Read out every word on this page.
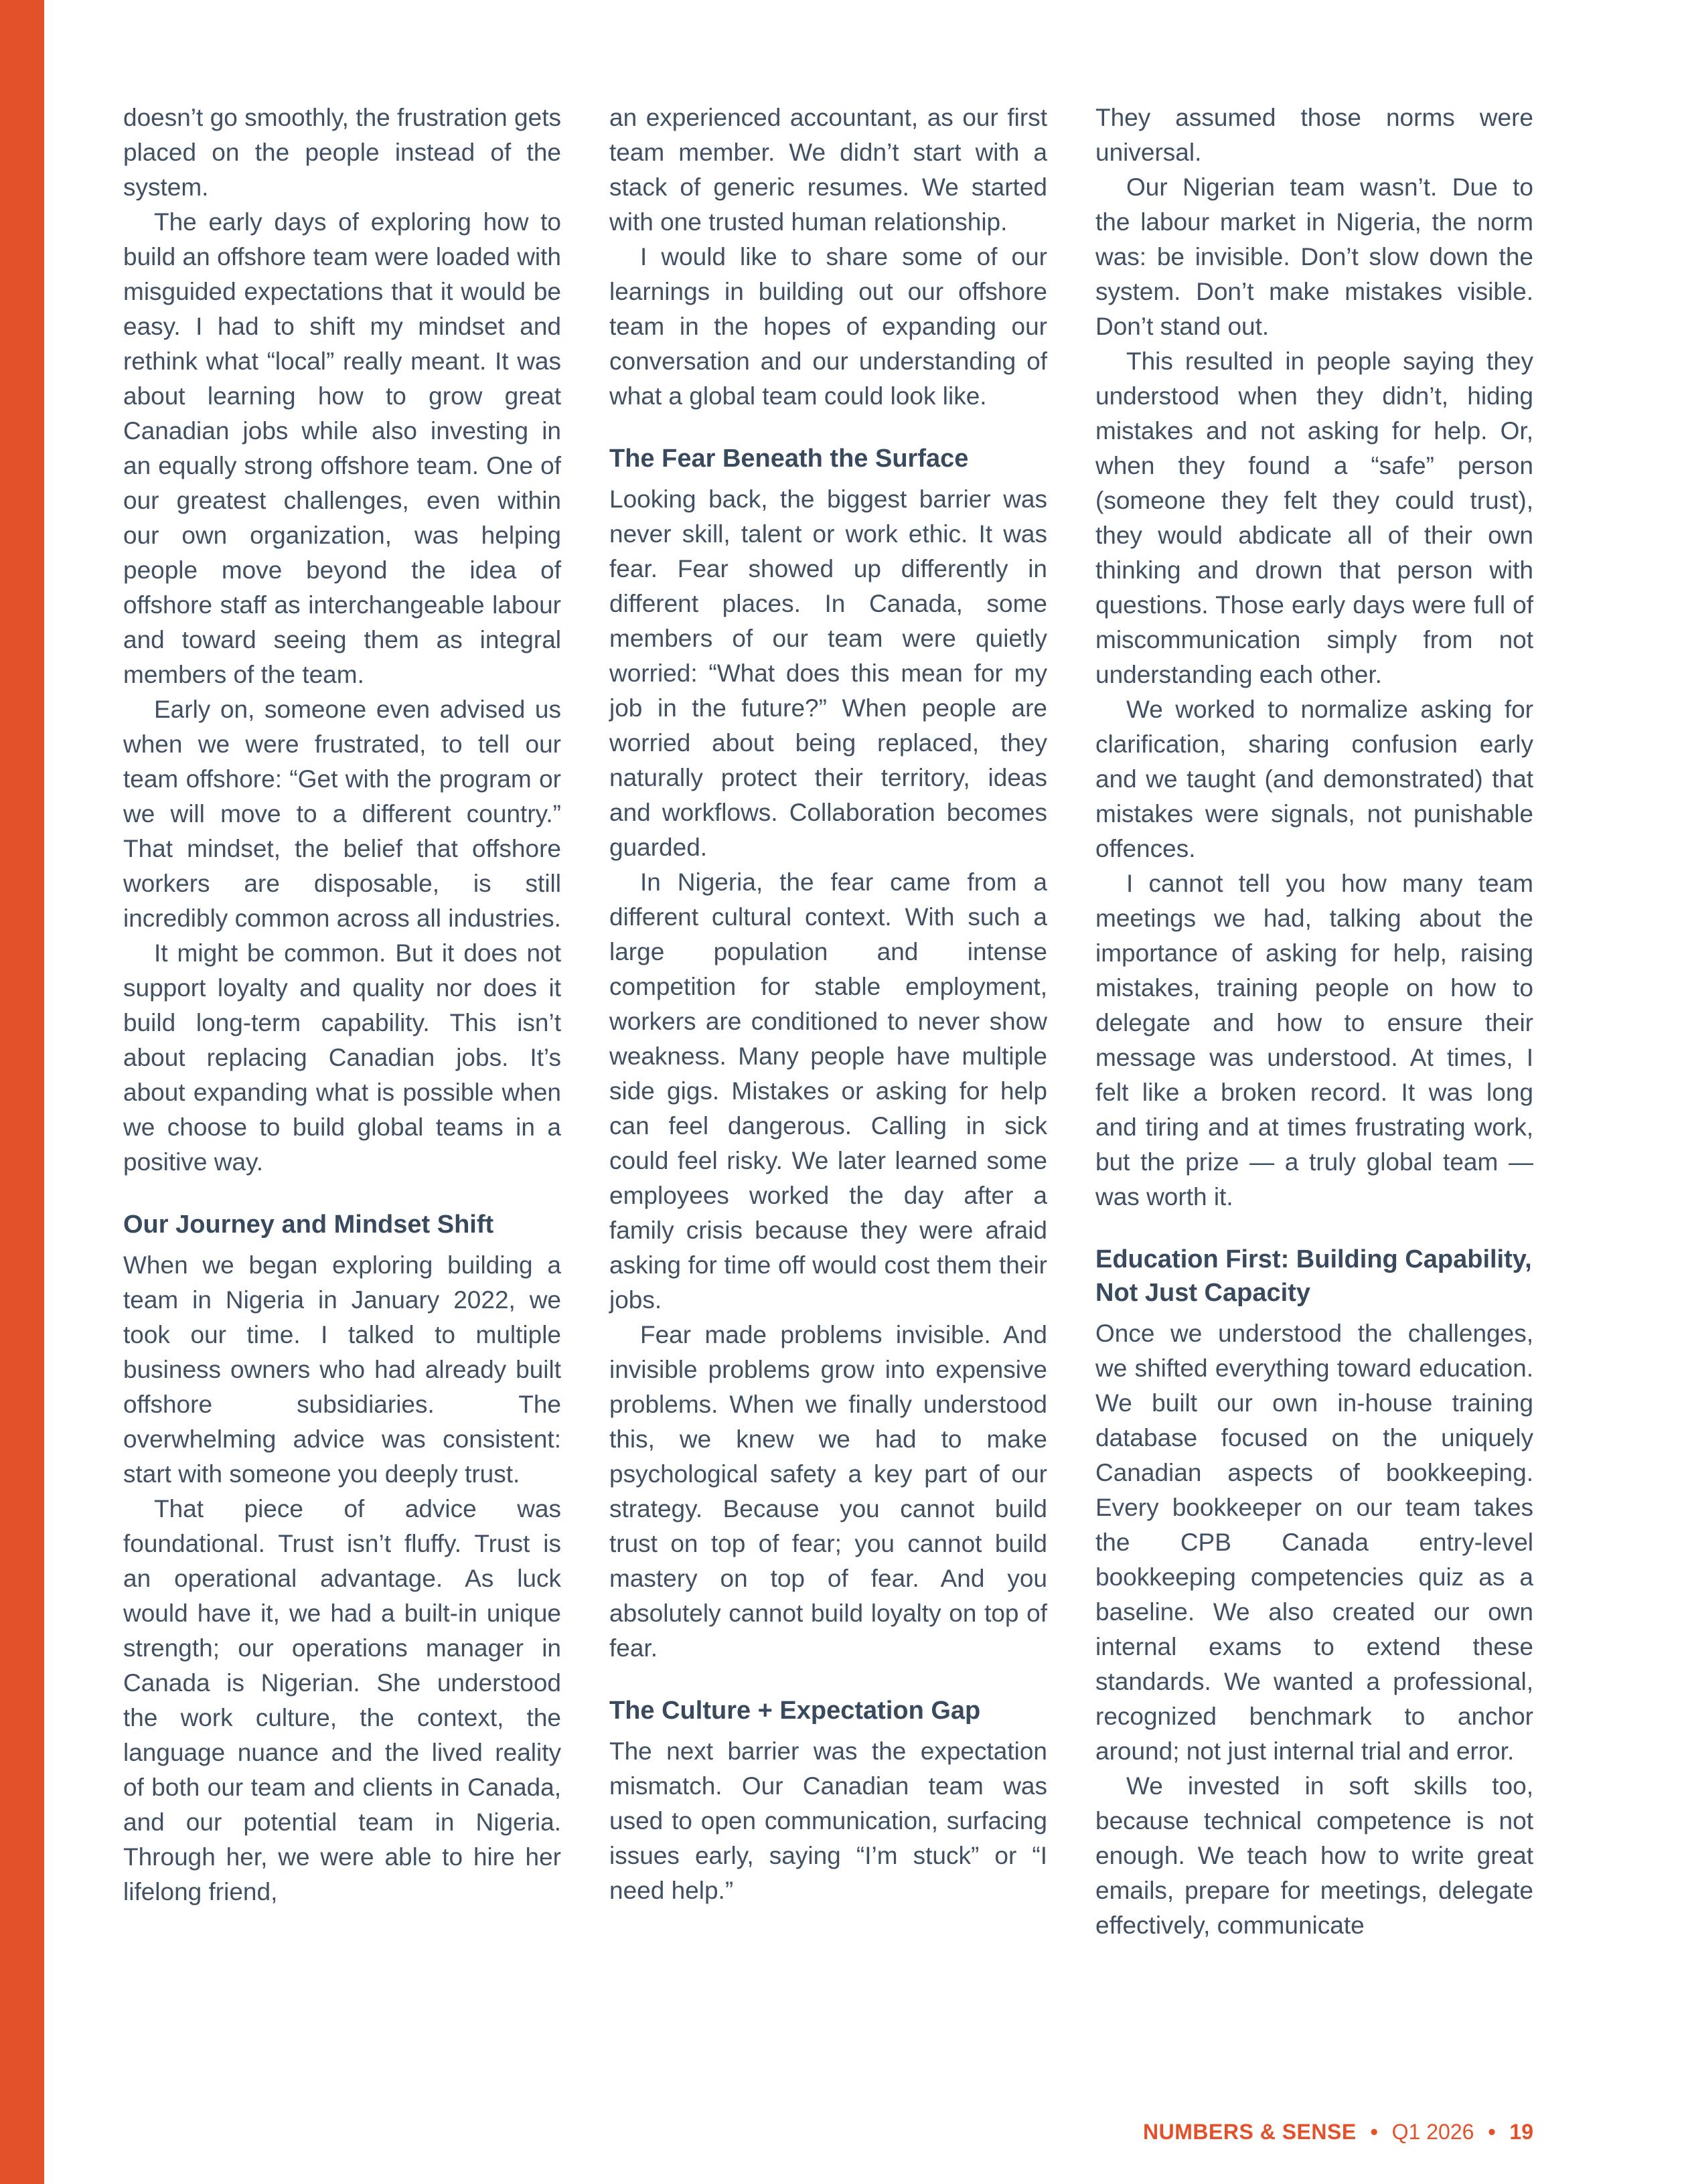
doesn’t go smoothly, the frustration gets placed on the people instead of the system.

The early days of exploring how to build an offshore team were loaded with misguided expectations that it would be easy. I had to shift my mindset and rethink what “local” really meant. It was about learning how to grow great Canadian jobs while also investing in an equally strong offshore team. One of our greatest challenges, even within our own organization, was helping people move beyond the idea of offshore staff as interchangeable labour and toward seeing them as integral members of the team.

Early on, someone even advised us when we were frustrated, to tell our team offshore: “Get with the program or we will move to a different country.” That mindset, the belief that offshore workers are disposable, is still incredibly common across all industries.

It might be common. But it does not support loyalty and quality nor does it build long-term capability. This isn’t about replacing Canadian jobs. It’s about expanding what is possible when we choose to build global teams in a positive way.

Our Journey and Mindset Shift

When we began exploring building a team in Nigeria in January 2022, we took our time. I talked to multiple business owners who had already built offshore subsidiaries. The overwhelming advice was consistent: start with someone you deeply trust.

That piece of advice was foundational. Trust isn’t fluffy. Trust is an operational advantage. As luck would have it, we had a built-in unique strength; our operations manager in Canada is Nigerian. She understood the work culture, the context, the language nuance and the lived reality of both our team and clients in Canada, and our potential team in Nigeria. Through her, we were able to hire her lifelong friend,

an experienced accountant, as our first team member. We didn’t start with a stack of generic resumes. We started with one trusted human relationship.

I would like to share some of our learnings in building out our offshore team in the hopes of expanding our conversation and our understanding of what a global team could look like.

The Fear Beneath the Surface

Looking back, the biggest barrier was never skill, talent or work ethic. It was fear. Fear showed up differently in different places. In Canada, some members of our team were quietly worried: “What does this mean for my job in the future?” When people are worried about being replaced, they naturally protect their territory, ideas and workflows. Collaboration becomes guarded.

In Nigeria, the fear came from a different cultural context. With such a large population and intense competition for stable employment, workers are conditioned to never show weakness. Many people have multiple side gigs. Mistakes or asking for help can feel dangerous. Calling in sick could feel risky. We later learned some employees worked the day after a family crisis because they were afraid asking for time off would cost them their jobs.

Fear made problems invisible. And invisible problems grow into expensive problems. When we finally understood this, we knew we had to make psychological safety a key part of our strategy. Because you cannot build trust on top of fear; you cannot build mastery on top of fear. And you absolutely cannot build loyalty on top of fear.

The Culture + Expectation Gap

The next barrier was the expectation mismatch. Our Canadian team was used to open communication, surfacing issues early, saying “I’m stuck” or “I need help.”

They assumed those norms were universal.

Our Nigerian team wasn’t. Due to the labour market in Nigeria, the norm was: be invisible. Don’t slow down the system. Don’t make mistakes visible. Don’t stand out.

This resulted in people saying they understood when they didn’t, hiding mistakes and not asking for help. Or, when they found a “safe” person (someone they felt they could trust), they would abdicate all of their own thinking and drown that person with questions. Those early days were full of miscommunication simply from not understanding each other.

We worked to normalize asking for clarification, sharing confusion early and we taught (and demonstrated) that mistakes were signals, not punishable offences.

I cannot tell you how many team meetings we had, talking about the importance of asking for help, raising mistakes, training people on how to delegate and how to ensure their message was understood. At times, I felt like a broken record. It was long and tiring and at times frustrating work, but the prize — a truly global team — was worth it.

Education First: Building Capability, Not Just Capacity

Once we understood the challenges, we shifted everything toward education. We built our own in-house training database focused on the uniquely Canadian aspects of bookkeeping. Every bookkeeper on our team takes the CPB Canada entry-level bookkeeping competencies quiz as a baseline. We also created our own internal exams to extend these standards. We wanted a professional, recognized benchmark to anchor around; not just internal trial and error.

We invested in soft skills too, because technical competence is not enough. We teach how to write great emails, prepare for meetings, delegate effectively, communicate

NUMBERS & SENSE • Q1 2026 • 19
